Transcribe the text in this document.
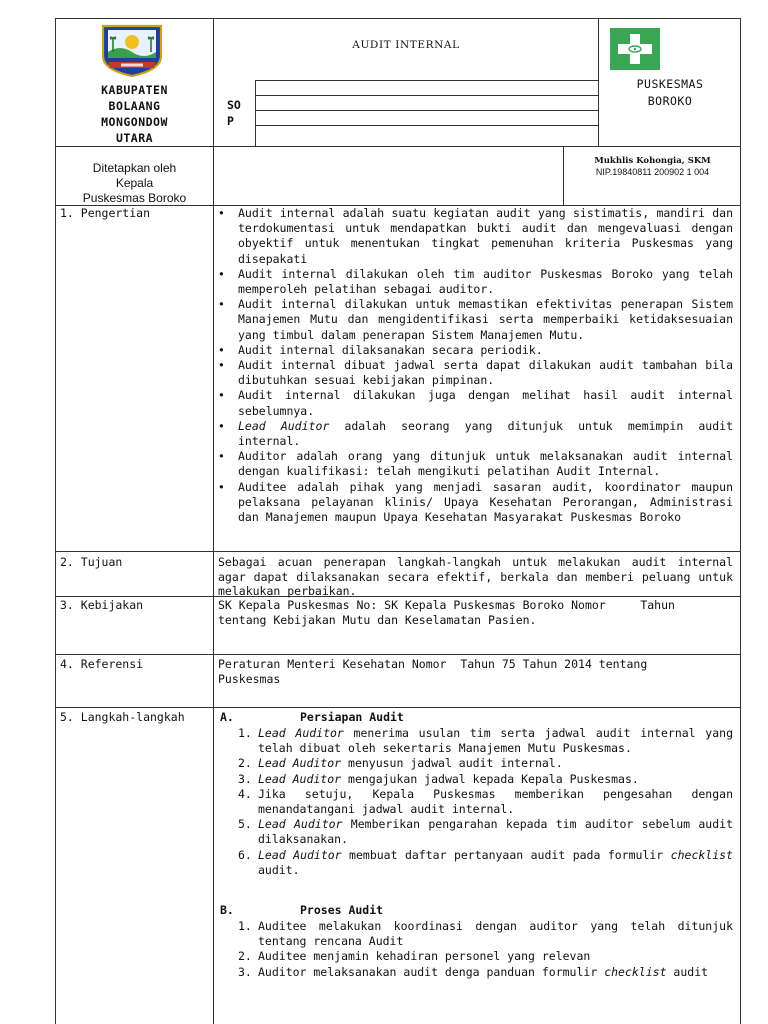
KABUPATEN
BOLAANG
MONGONDOW
UTARA
AUDIT INTERNAL
SO
P
PUSKESMAS
BOROKO
Ditetapkan oleh
Kepala
Puskesmas Boroko
Mukhlis Kohongia, SKM
NIP.19840811 200902 1 004
1. Pengertian
•	Audit internal adalah suatu kegiatan audit yang sistimatis, mandiri dan terdokumentasi untuk mendapatkan bukti audit dan mengevaluasi dengan obyektif untuk menentukan tingkat pemenuhan kriteria Puskesmas yang disepakati
• Audit internal dilakukan oleh tim auditor Puskesmas Boroko yang telah memperoleh pelatihan sebagai auditor.
• Audit internal dilakukan untuk memastikan efektivitas penerapan Sistem Manajemen Mutu dan mengidentifikasi serta memperbaiki ketidaksesuaian yang timbul dalam penerapan Sistem Manajemen Mutu.
• Audit internal dilaksanakan secara periodik.
• Audit internal dibuat jadwal serta dapat dilakukan audit tambahan bila dibutuhkan sesuai kebijakan pimpinan.
• Audit internal dilakukan juga dengan melihat hasil audit internal sebelumnya.
• Lead Auditor adalah seorang yang ditunjuk untuk memimpin audit internal.
• Auditor adalah orang yang ditunjuk untuk melaksanakan audit internal dengan kualifikasi: telah mengikuti pelatihan Audit Internal.
• Auditee adalah pihak yang menjadi sasaran audit, koordinator maupun pelaksana pelayanan klinis/ Upaya Kesehatan Perorangan, Administrasi dan Manajemen maupun Upaya Kesehatan Masyarakat Puskesmas Boroko
2. Tujuan	Sebagai acuan penerapan langkah-langkah untuk melakukan audit internal agar dapat dilaksanakan secara efektif, berkala dan memberi peluang untuk melakukan perbaikan.
3. Kebijakan	SK Kepala Puskesmas No: SK Kepala Puskesmas Boroko Nomor     Tahun
tentang Kebijakan Mutu dan Keselamatan Pasien.
4. Referensi	Peraturan Menteri Kesehatan Nomor  Tahun 75 Tahun 2014 tentang
Puskesmas
5. Langkah-langkah	A.	Persiapan Audit
1. Lead Auditor menerima usulan tim serta jadwal audit internal yang telah dibuat oleh sekertaris Manajemen Mutu Puskesmas.
2. Lead Auditor menyusun jadwal audit internal.
3. Lead Auditor mengajukan jadwal kepada Kepala Puskesmas.
4. Jika setuju, Kepala Puskesmas memberikan pengesahan dengan menandatangani jadwal audit internal.
5. Lead Auditor Memberikan pengarahan kepada tim auditor sebelum audit dilaksanakan.
6. Lead Auditor membuat daftar pertanyaan audit pada formulir checklist audit.
B.	Proses Audit
1. Auditee melakukan koordinasi dengan auditor yang telah ditunjuk tentang rencana Audit
2. Auditee menjamin kehadiran personel yang relevan
3. Auditor melaksanakan audit denga panduan formulir checklist audit
